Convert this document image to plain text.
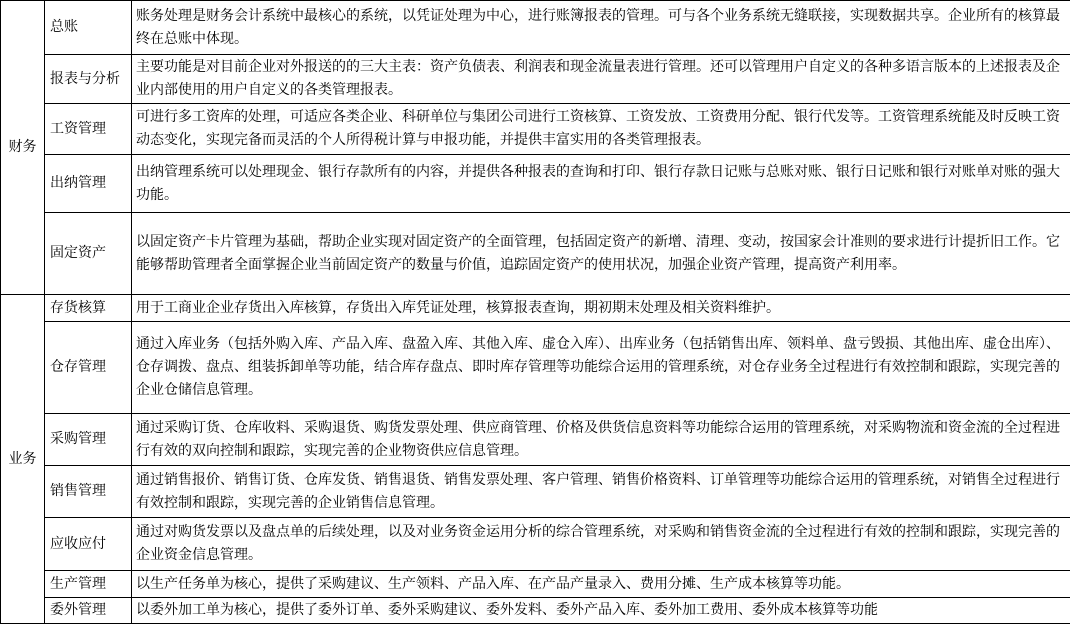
财务	总账	账务处理是财务会计系统中最核心的系统，以凭证处理为中心，进行账簿报表的管理。可与各个业务系统无缝联接，实现数据共享。企业所有的核算最终在总账中体现。
	报表与分析	主要功能是对目前企业对外报送的的三大主表：资产负债表、利润表和现金流量表进行管理。还可以管理用户自定义的各种多语言版本的上述报表及企业内部使用的用户自定义的各类管理报表。
	工资管理	可进行多工资库的处理，可适应各类企业、科研单位与集团公司进行工资核算、工资发放、工资费用分配、银行代发等。工资管理系统能及时反映工资动态变化，实现完备而灵活的个人所得税计算与申报功能，并提供丰富实用的各类管理报表。
	出纳管理	出纳管理系统可以处理现金、银行存款所有的内容，并提供各种报表的查询和打印、银行存款日记账与总账对账、银行日记账和银行对账单对账的强大功能。
	固定资产	以固定资产卡片管理为基础，帮助企业实现对固定资产的全面管理，包括固定资产的新增、清理、变动，按国家会计准则的要求进行计提折旧工作。它能够帮助管理者全面掌握企业当前固定资产的数量与价值，追踪固定资产的使用状况，加强企业资产管理，提高资产利用率。
业务	存货核算	用于工商业企业存货出入库核算，存货出入库凭证处理，核算报表查询，期初期末处理及相关资料维护。
	仓存管理	通过入库业务（包括外购入库、产品入库、盘盈入库、其他入库、虚仓入库）、出库业务（包括销售出库、领料单、盘亏毁损、其他出库、虚仓出库）、仓存调拨、盘点、组装拆卸单等功能，结合库存盘点、即时库存管理等功能综合运用的管理系统，对仓存业务全过程进行有效控制和跟踪，实现完善的企业仓储信息管理。
	采购管理	通过采购订货、仓库收料、采购退货、购货发票处理、供应商管理、价格及供货信息资料等功能综合运用的管理系统，对采购物流和资金流的全过程进行有效的双向控制和跟踪，实现完善的企业物资供应信息管理。
	销售管理	通过销售报价、销售订货、仓库发货、销售退货、销售发票处理、客户管理、销售价格资料、订单管理等功能综合运用的管理系统，对销售全过程进行有效控制和跟踪，实现完善的企业销售信息管理。
	应收应付	通过对购货发票以及盘点单的后续处理，以及对业务资金运用分析的综合管理系统，对采购和销售资金流的全过程进行有效的控制和跟踪，实现完善的企业资金信息管理。
	生产管理	以生产任务单为核心，提供了采购建议、生产领料、产品入库、在产品产量录入、费用分摊、生产成本核算等功能。
	委外管理	以委外加工单为核心，提供了委外订单、委外采购建议、委外发料、委外产品入库、委外加工费用、委外成本核算等功能
